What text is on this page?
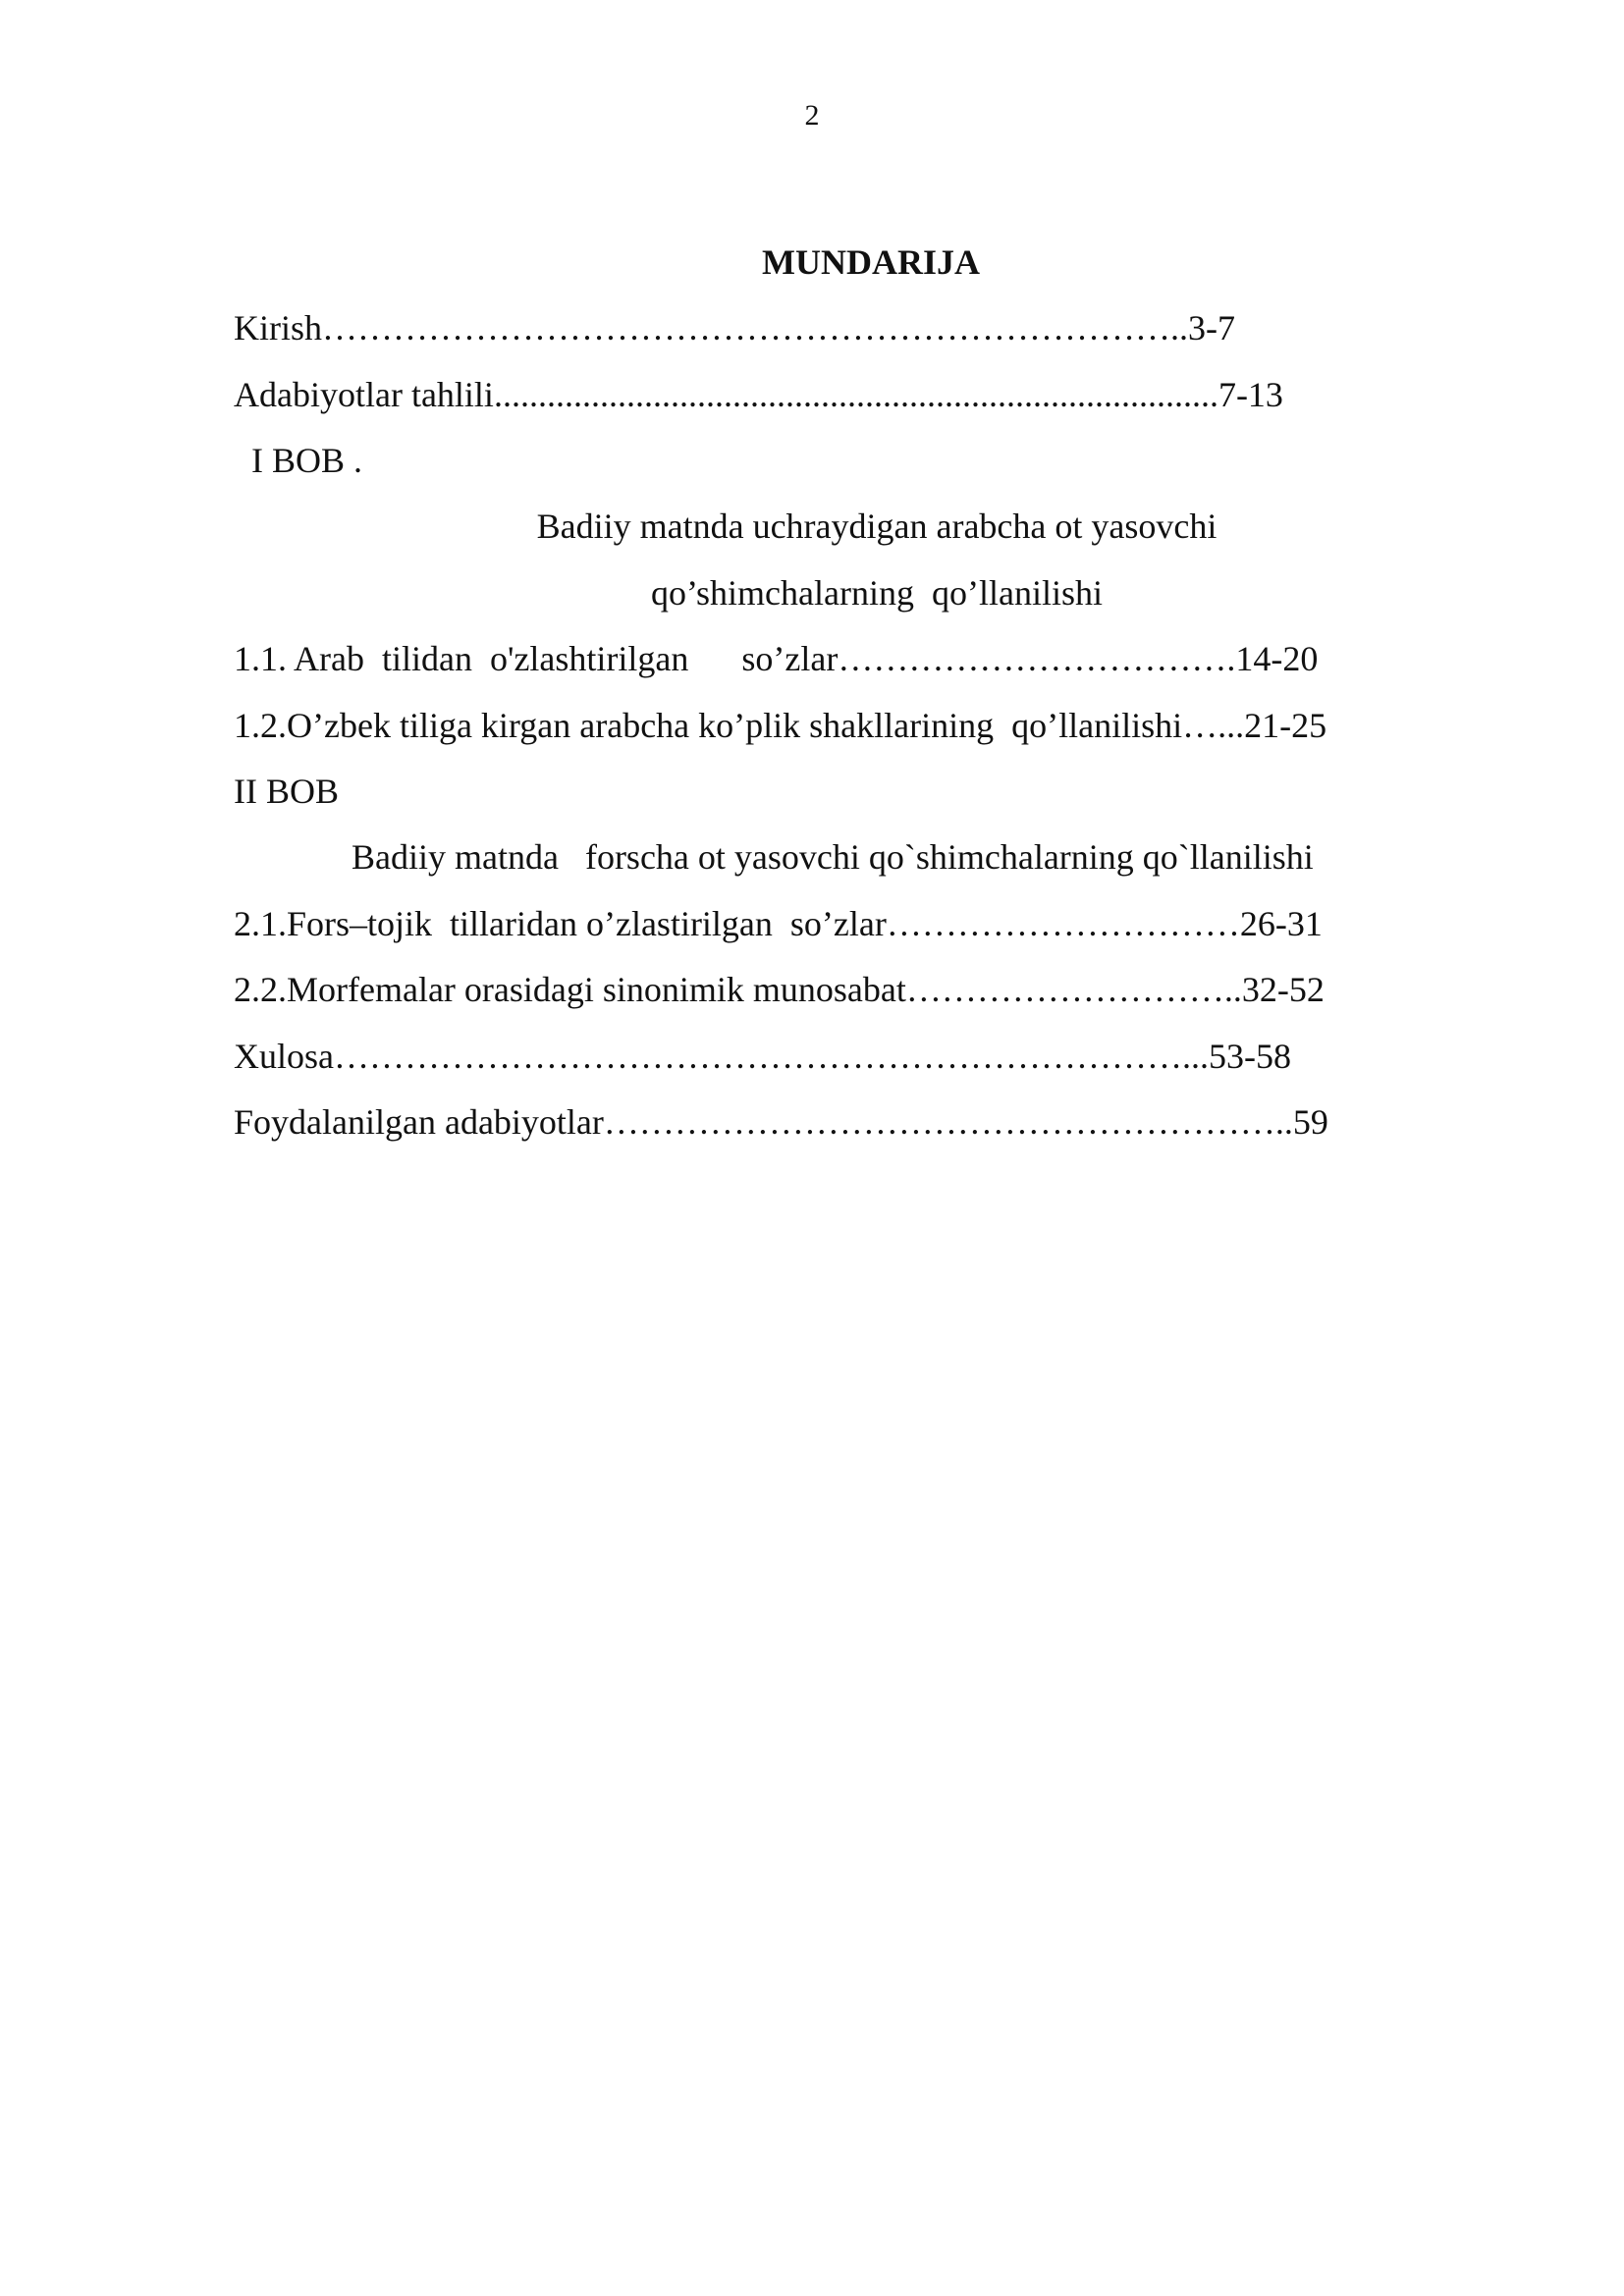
2
MUNDARIJA
Kirish………………………………………………………………..3-7
Adabiyotlar tahlili..................................................................................7-13
I BOB .
Badiiy matnda uchraydigan arabcha ot yasovchi
qo’shimchalarning  qo’llanilishi
1.1. Arab  tilidan  o'zlashtirilgan      so’zlar…………………………….14-20
1.2.O’zbek tiliga kirgan arabcha ko’plik shakllarining  qo’llanilishi…...21-25
II BOB
Badiiy matnda   forscha ot yasovchi qo`shimchalarning qo`llanilishi
2.1.Fors–tojik  tillaridan o’zlastirilgan  so’zlar…………………………26-31
2.2.Morfemalar orasidagi sinonimik munosabat………………………..32-52
Xulosa………………………………………………………………...53-58
Foydalanilgan adabiyotlar…………………………………………………..59
